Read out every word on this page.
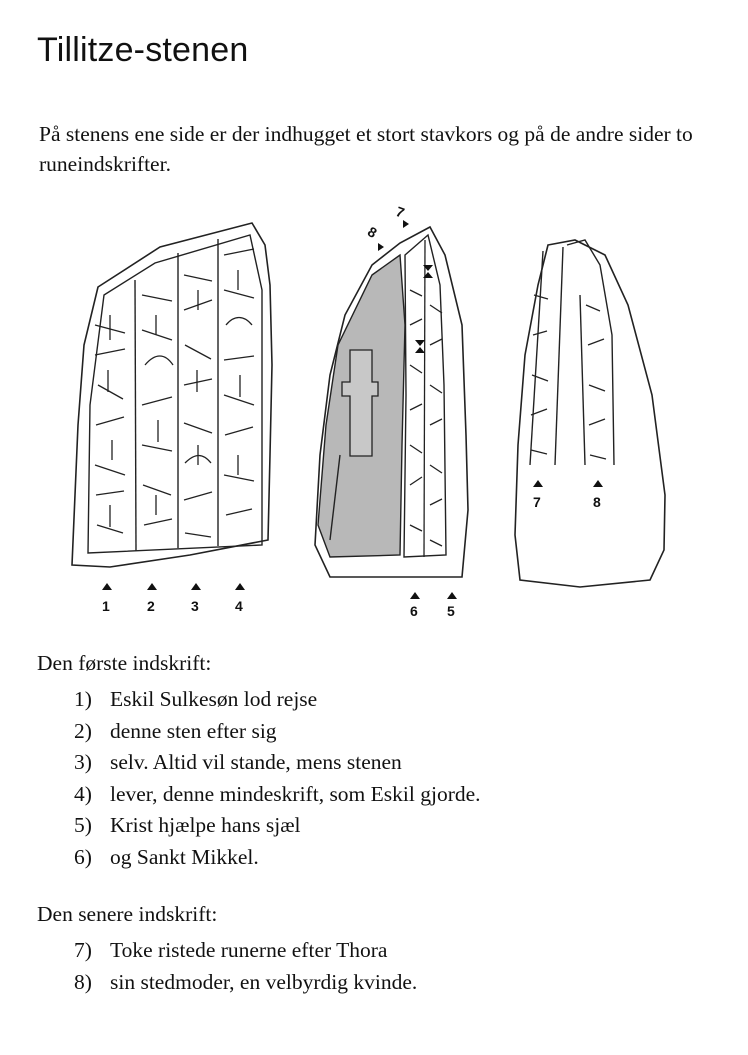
Tillitze-stenen

På stenens ene side er der indhugget et stort stavkors og på de andre sider to runeindskrifter.

1	2	3	4	6 5
8
7
7	8

Den første indskrift:

1) Eskil Sulkesøn lod rejse
2) denne sten efter sig
3) selv. Altid vil stande, mens stenen
4) lever, denne mindeskrift, som Eskil gjorde.
5) Krist hjælpe hans sjæl
6) og Sankt Mikkel.

Den senere indskrift:

7) Toke ristede runerne efter Thora
8) sin stedmoder, en velbyrdig kvinde.
